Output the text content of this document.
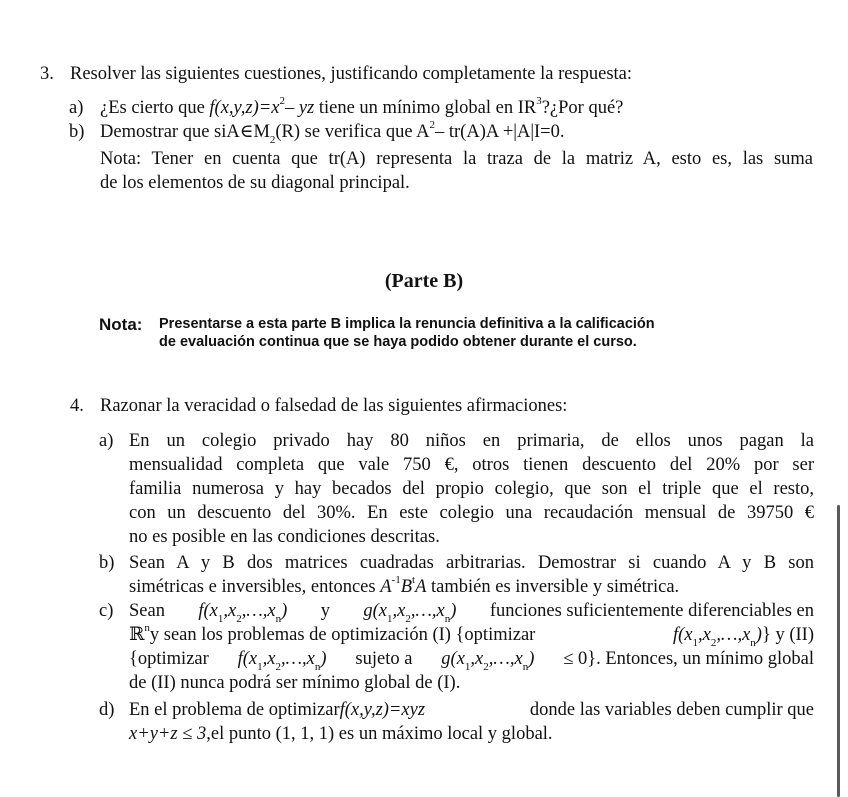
3. Resolver las siguientes cuestiones, justificando completamente la respuesta:
a) ¿Es cierto que $f(x,y,z)=x^2-$ yz tiene un mínimo global en $IR^3?¿Por$ qué?
b) Demostrar que $siA\in M_2(R)$ se verifica que $A^2-$ tr(A)A +|A|I=0.
Nota: Tener en cuenta que tr(A) representa la traza de la matriz A, esto es, las suma
de los elementos de su diagonal principal.
(Parte B)
Nota: Presentarse a esta parte B implica la renuncia definitiva a la calificación
de evaluación continua que se haya podido obtener durante el curso.
4. Razonar la veracidad o falsedad de las siguientes afirmaciones:
a) En un colegio privado hay 80 niños en primaria, de ellos unos pagan la
mensualidad completa que vale 750 €, otros tienen descuento del 20% por ser
familia numerosa y hay becados del propio colegio, que son el triple que el resto,
con un descuento del 30%. En este colegio una recaudación mensual de 39750 €
no es posible en las condiciones descritas.
b) Sean A y B dos matrices cuadradas arbitrarias. Demostrar si cuando A y B son
simétricas e inversibles, entonces $A^{-1}B^tA$ también es inversible y simétrica.
c) Sean $f(x_1,x_2,\dots,x_n)$ y $g(x_1,x_2,\dots,x_n)$ funciones suficientemente diferenciables en
ℝ$^n$y sean los problemas de optimización (I) {optimizar	$f(x_1,x_2,\dots,x_n)$} y (II)
{optimizar $f(x_1,x_2,\dots,x_n)$ sujeto a $g(x_1,x_2,\dots,x_n) \le 0$}. Entonces, un mínimo global
de (II) nunca podrá ser mínimo global de (I).
d) En el problema de optimizarf(x,y,z)=xyz	donde las variables deben cumplir que
x+y+z ≤ 3,el punto (1, 1, 1) es un máximo local y global.
